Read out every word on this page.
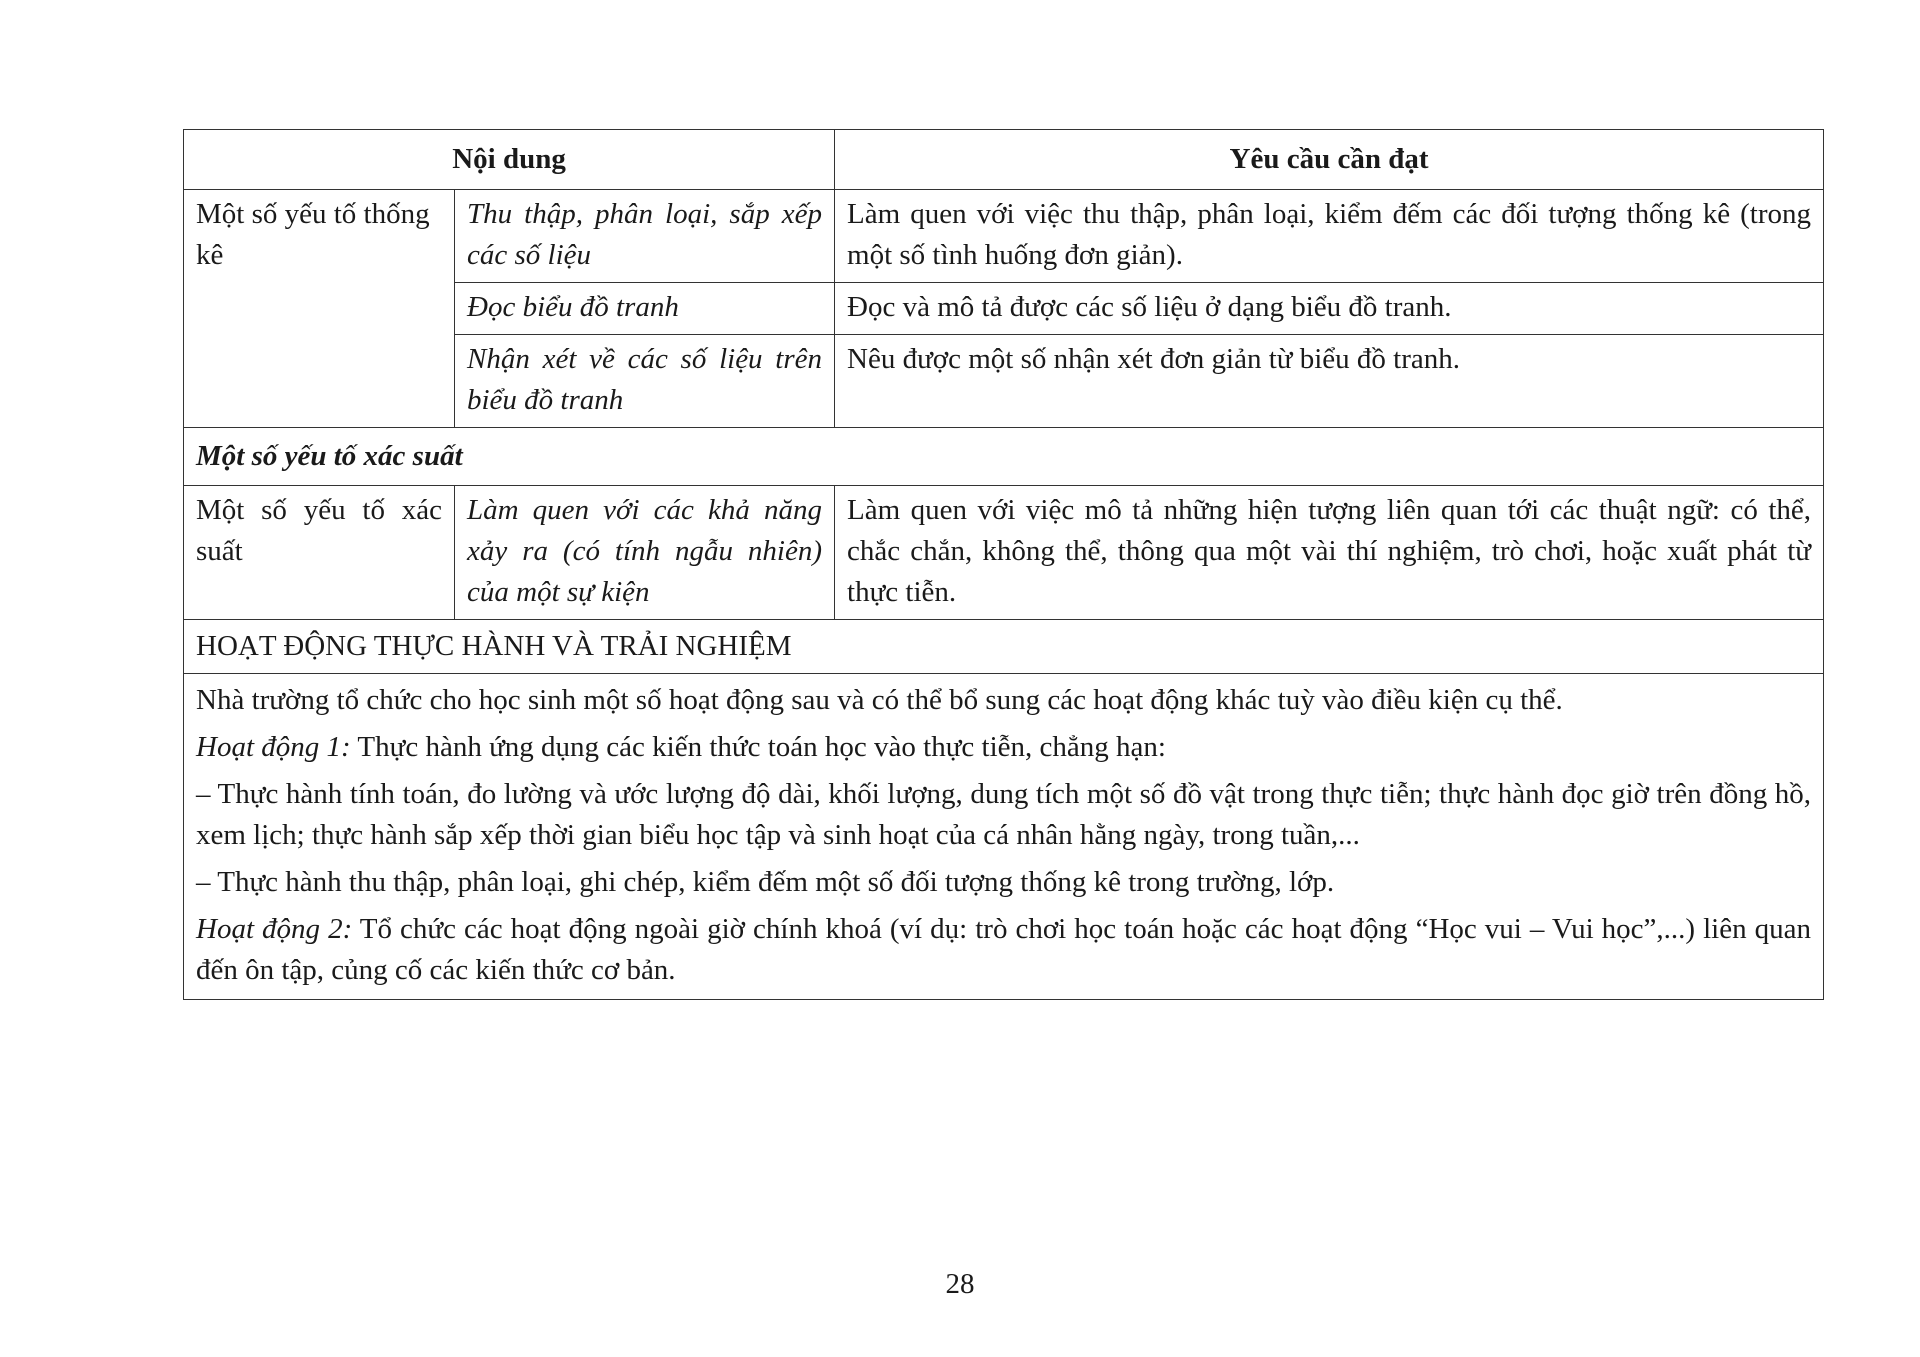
Nội dung		Yêu cầu cần đạt
Một số yếu tố thống kê	Thu thập, phân loại, sắp xếp các số liệu	Làm quen với việc thu thập, phân loại, kiểm đếm các đối tượng thống kê (trong một số tình huống đơn giản).
	Đọc biểu đồ tranh	Đọc và mô tả được các số liệu ở dạng biểu đồ tranh.
	Nhận xét về các số liệu trên biểu đồ tranh	Nêu được một số nhận xét đơn giản từ biểu đồ tranh.
Một số yếu tố xác suất		
Một số yếu tố xác suất	Làm quen với các khả năng xảy ra (có tính ngẫu nhiên) của một sự kiện	Làm quen với việc mô tả những hiện tượng liên quan tới các thuật ngữ: có thể, chắc chắn, không thể, thông qua một vài thí nghiệm, trò chơi, hoặc xuất phát từ thực tiễn.
HOẠT ĐỘNG THỰC HÀNH VÀ TRẢI NGHIỆM		

Nhà trường tổ chức cho học sinh một số hoạt động sau và có thể bổ sung các hoạt động khác tuỳ vào điều kiện cụ thể.

Hoạt động 1: Thực hành ứng dụng các kiến thức toán học vào thực tiễn, chẳng hạn:

– Thực hành tính toán, đo lường và ước lượng độ dài, khối lượng, dung tích một số đồ vật trong thực tiễn; thực hành đọc giờ trên đồng hồ, xem lịch; thực hành sắp xếp thời gian biểu học tập và sinh hoạt của cá nhân hằng ngày, trong tuần,...

– Thực hành thu thập, phân loại, ghi chép, kiểm đếm một số đối tượng thống kê trong trường, lớp.

Hoạt động 2: Tổ chức các hoạt động ngoài giờ chính khoá (ví dụ: trò chơi học toán hoặc các hoạt động “Học vui – Vui học”,...) liên quan đến ôn tập, củng cố các kiến thức cơ bản.		

28
